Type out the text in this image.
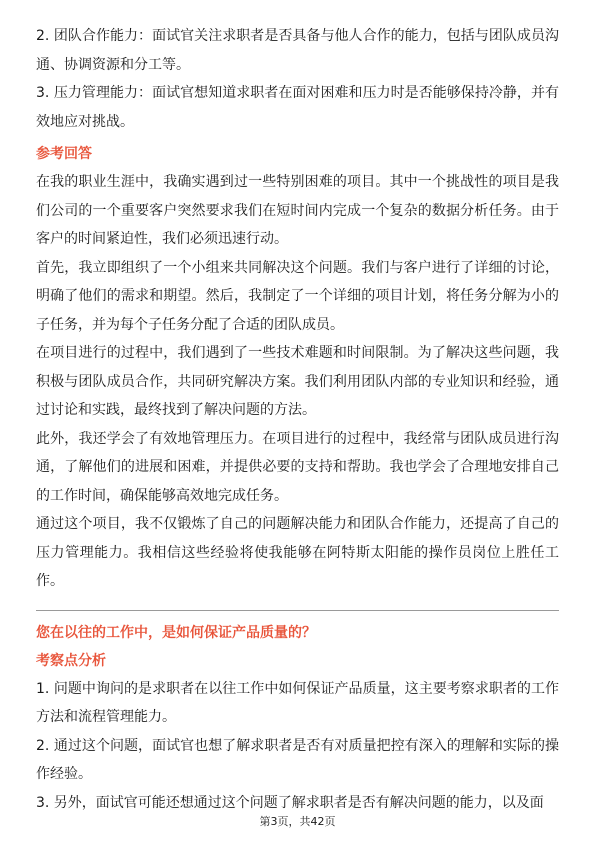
2. 团队合作能力：面试官关注求职者是否具备与他人合作的能力，包括与团队成员沟通、协调资源和分工等。

3. 压力管理能力：面试官想知道求职者在面对困难和压力时是否能够保持冷静，并有效地应对挑战。

参考回答

在我的职业生涯中，我确实遇到过一些特别困难的项目。其中一个挑战性的项目是我们公司的一个重要客户突然要求我们在短时间内完成一个复杂的数据分析任务。由于客户的时间紧迫性，我们必须迅速行动。

首先，我立即组织了一个小组来共同解决这个问题。我们与客户进行了详细的讨论，明确了他们的需求和期望。然后，我制定了一个详细的项目计划，将任务分解为小的子任务，并为每个子任务分配了合适的团队成员。

在项目进行的过程中，我们遇到了一些技术难题和时间限制。为了解决这些问题，我积极与团队成员合作，共同研究解决方案。我们利用团队内部的专业知识和经验，通过讨论和实践，最终找到了解决问题的方法。

此外，我还学会了有效地管理压力。在项目进行的过程中，我经常与团队成员进行沟通，了解他们的进展和困难，并提供必要的支持和帮助。我也学会了合理地安排自己的工作时间，确保能够高效地完成任务。

通过这个项目，我不仅锻炼了自己的问题解决能力和团队合作能力，还提高了自己的压力管理能力。我相信这些经验将使我能够在阿特斯太阳能的操作员岗位上胜任工作。

您在以往的工作中，是如何保证产品质量的？
考察点分析

1. 问题中询问的是求职者在以往工作中如何保证产品质量，这主要考察求职者的工作方法和流程管理能力。

2. 通过这个问题，面试官也想了解求职者是否有对质量把控有深入的理解和实际的操作经验。

3. 另外，面试官可能还想通过这个问题了解求职者是否有解决问题的能力，以及面

第3页，共42页
